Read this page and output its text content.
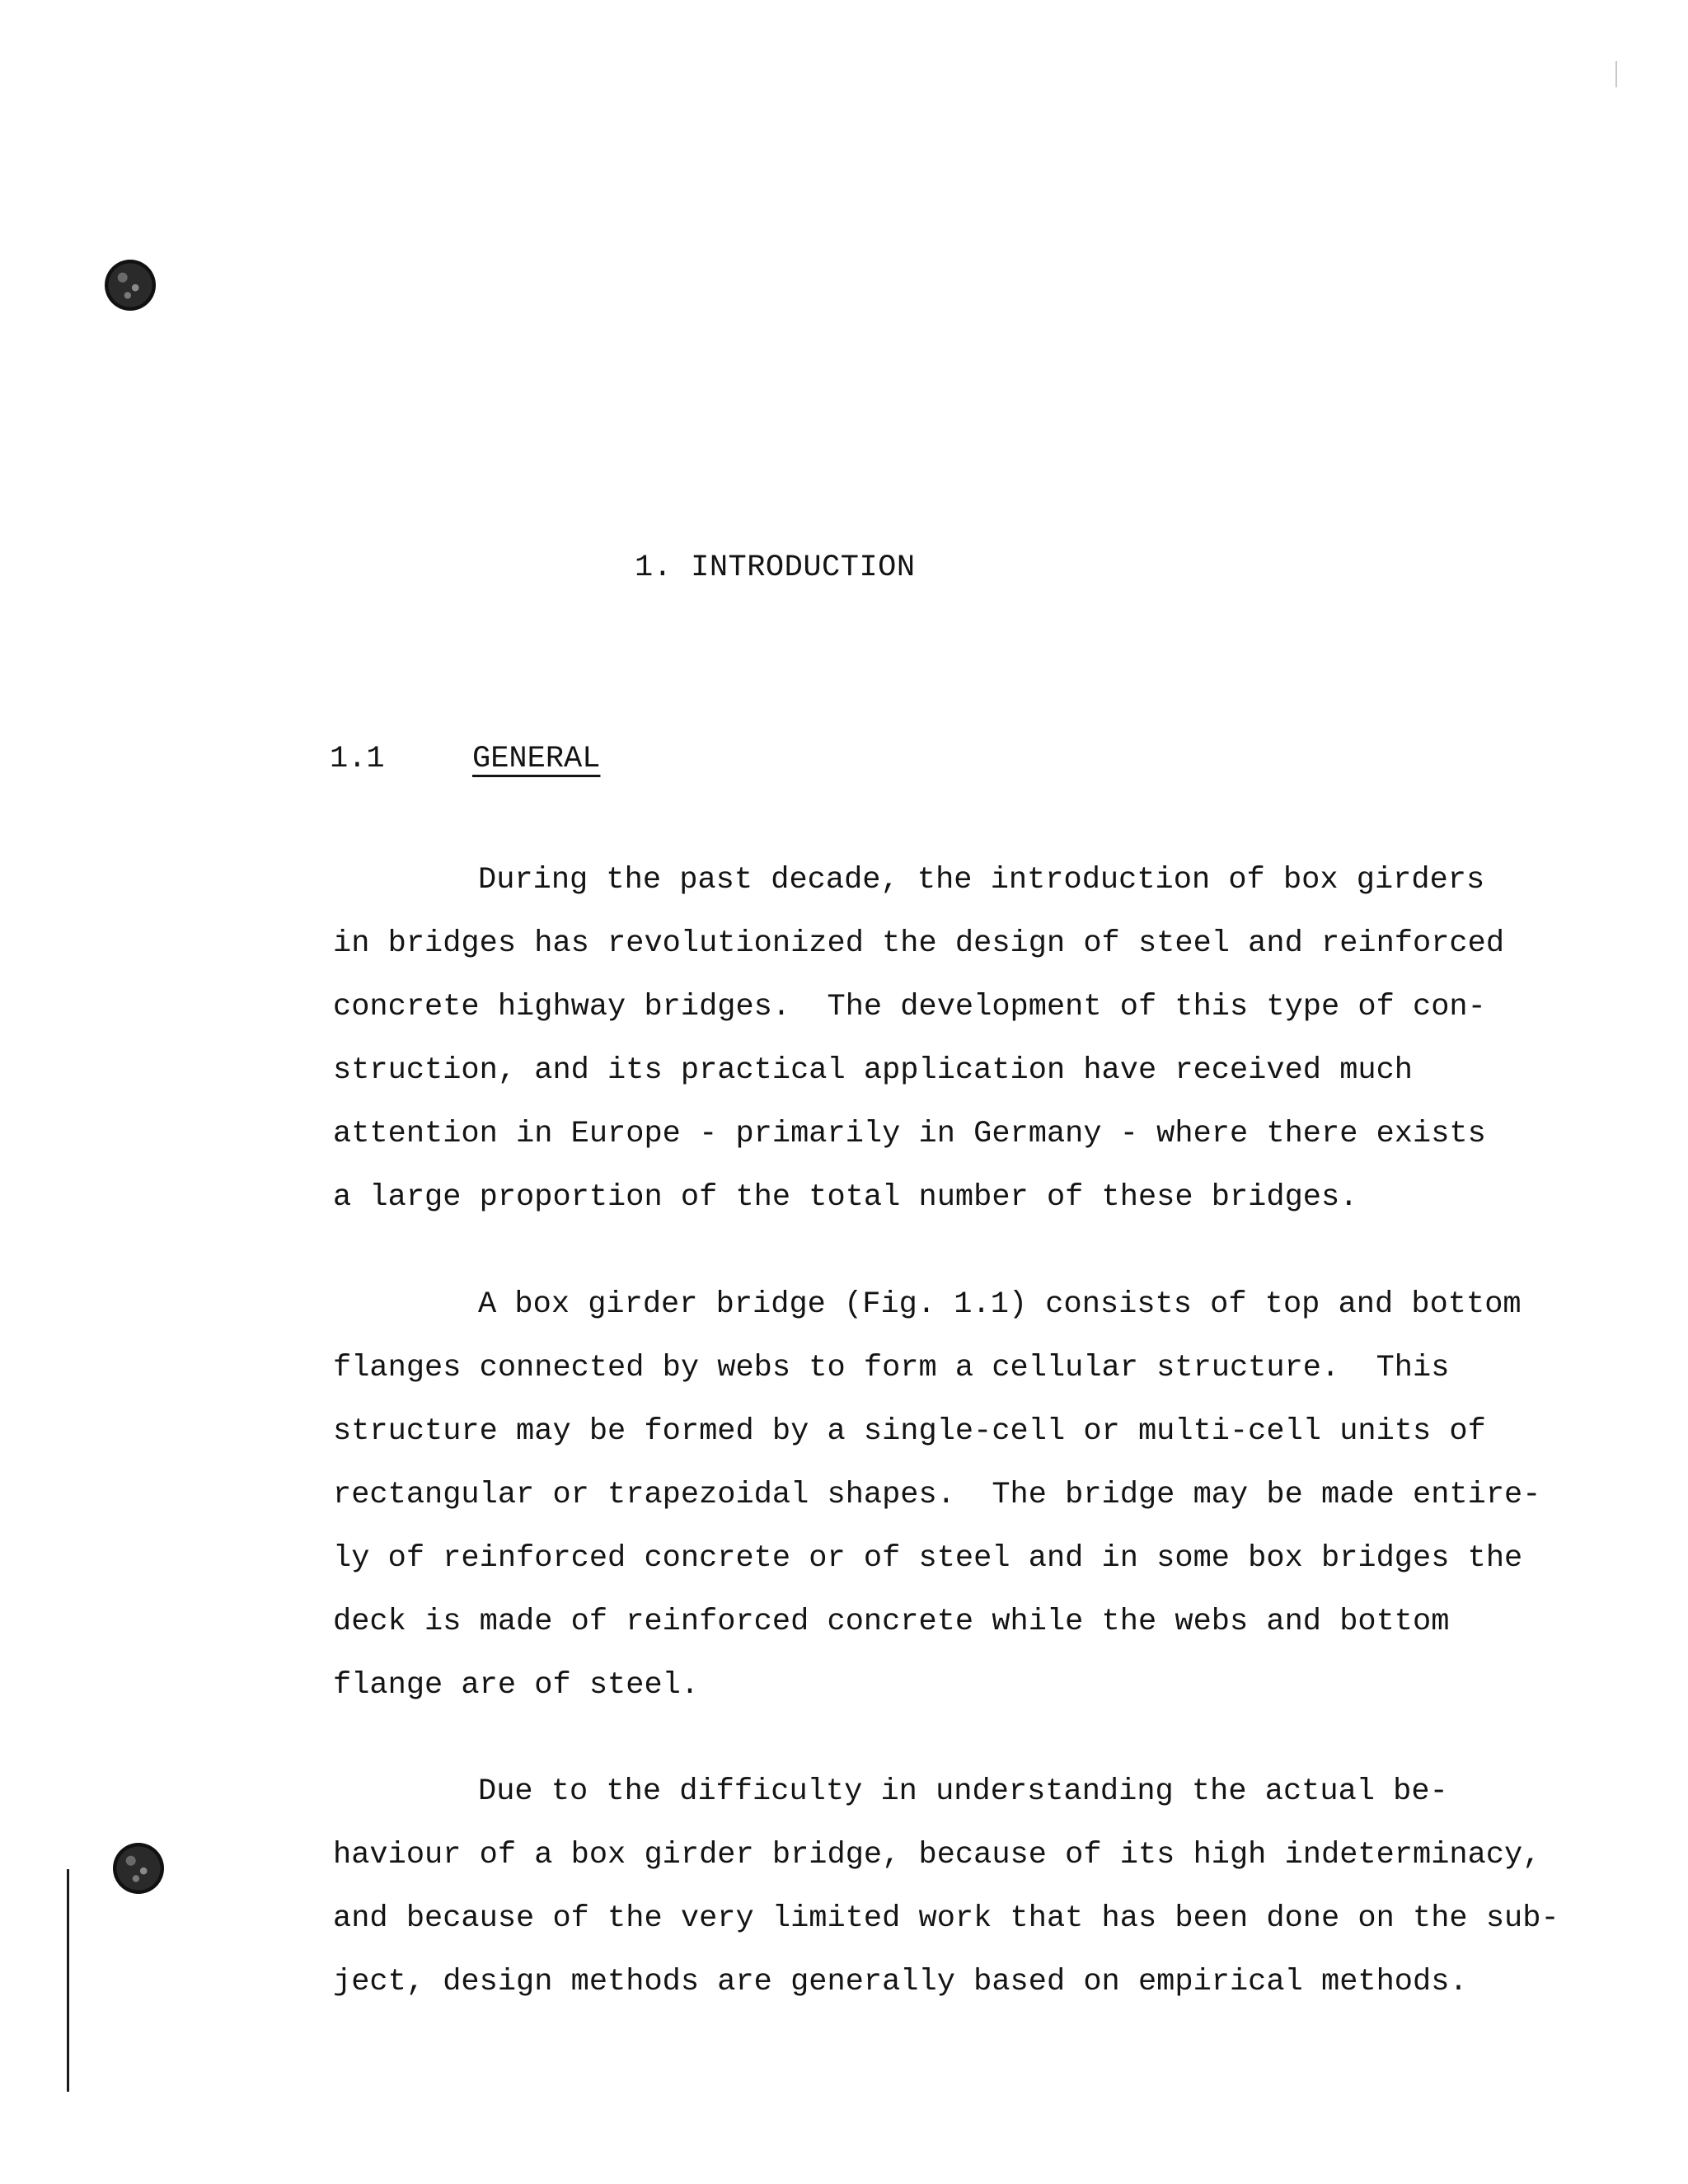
1. INTRODUCTION
1.1	GENERAL
During the past decade, the introduction of box girders
in bridges has revolutionized the design of steel and reinforced
concrete highway bridges.  The development of this type of con-
struction, and its practical application have received much
attention in Europe - primarily in Germany - where there exists
a large proportion of the total number of these bridges.
A box girder bridge (Fig. 1.1) consists of top and bottom
flanges connected by webs to form a cellular structure.  This
structure may be formed by a single-cell or multi-cell units of
rectangular or trapezoidal shapes.  The bridge may be made entire-
ly of reinforced concrete or of steel and in some box bridges the
deck is made of reinforced concrete while the webs and bottom
flange are of steel.
Due to the difficulty in understanding the actual be-
haviour of a box girder bridge, because of its high indeterminacy,
and because of the very limited work that has been done on the sub-
ject, design methods are generally based on empirical methods.
